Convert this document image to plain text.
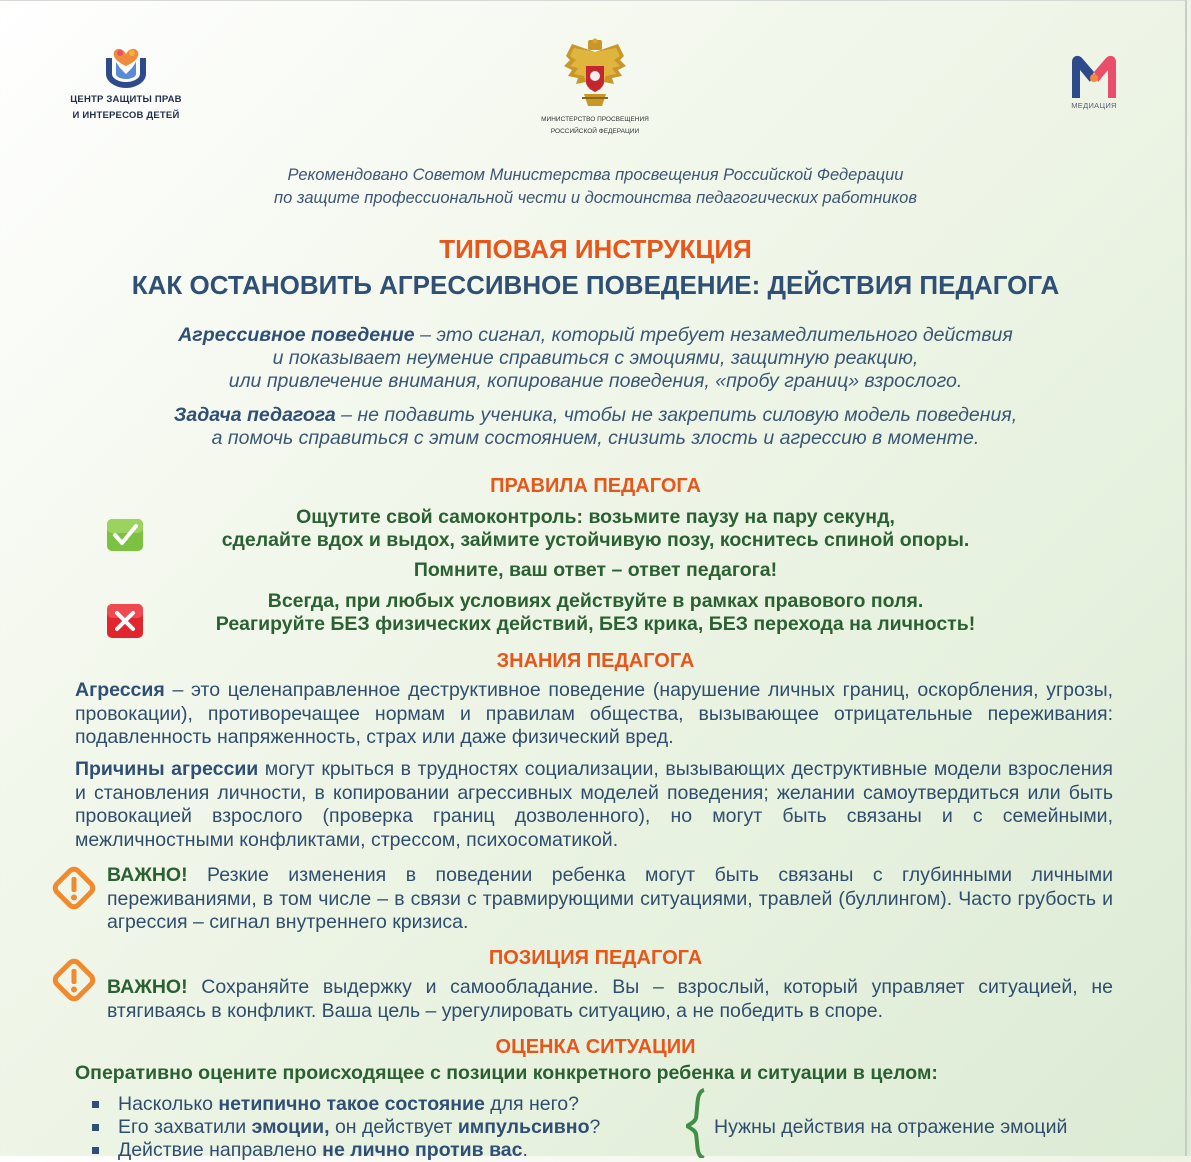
ЦЕНТР ЗАЩИТЫ ПРАВ
И ИНТЕРЕСОВ ДЕТЕЙ	МИНИСТЕРСТВО ПРОСВЕЩЕНИЯ
РОССИЙСКОЙ ФЕДЕРАЦИИ
МЕДИАЦИЯ
Рекомендовано Советом Министерства просвещения Российской Федерации
по защите профессиональной чести и достоинства педагогических работников
ТИПОВАЯ ИНСТРУКЦИЯ
КАК ОСТАНОВИТЬ АГРЕССИВНОЕ ПОВЕДЕНИЕ: ДЕЙСТВИЯ ПЕДАГОГА
Агрессивное поведение – это сигнал, который требует незамедлительного действия
и показывает неумение справиться с эмоциями, защитную реакцию,
или привлечение внимания, копирование поведения, «пробу границ» взрослого.
Задача педагога – не подавить ученика, чтобы не закрепить силовую модель поведения,
а помочь справиться с этим состоянием, снизить злость и агрессию в моменте.
ПРАВИЛА ПЕДАГОГА
Ощутите свой самоконтроль: возьмите паузу на пару секунд,
сделайте вдох и выдох, займите устойчивую позу, коснитесь спиной опоры.
Помните, ваш ответ – ответ педагога!
Всегда, при любых условиях действуйте в рамках правового поля.
Реагируйте БЕЗ физических действий, БЕЗ крика, БЕЗ перехода на личность!
ЗНАНИЯ ПЕДАГОГА
Агрессия – это целенаправленное деструктивное поведение (нарушение личных границ, оскорбления, угрозы, провокации), противоречащее нормам и правилам общества, вызывающее отрицательные переживания: подавленность напряженность, страх или даже физический вред.
Причины агрессии могут крыться в трудностях социализации, вызывающих деструктивные модели взросления и становления личности, в копировании агрессивных моделей поведения; желании самоутвердиться или быть провокацией взрослого (проверка границ дозволенного), но могут быть связаны и с семейными, межличностными конфликтами, стрессом, психосоматикой.
ВАЖНО! Резкие изменения в поведении ребенка могут быть связаны с глубинными личными переживаниями, в том числе – в связи с травмирующими ситуациями, травлей (буллингом). Часто грубость и агрессия – сигнал внутреннего кризиса.
ПОЗИЦИЯ ПЕДАГОГА
ВАЖНО! Сохраняйте выдержку и самообладание. Вы – взрослый, который управляет ситуацией, не втягиваясь в конфликт. Ваша цель – урегулировать ситуацию, а не победить в споре.
ОЦЕНКА СИТУАЦИИ
Оперативно оцените происходящее с позиции конкретного ребенка и ситуации в целом:
Насколько нетипично такое состояние для него?
Его захватили эмоции, он действует импульсивно?
Действие направлено не лично против вас.
Нужны действия на отражение эмоций
